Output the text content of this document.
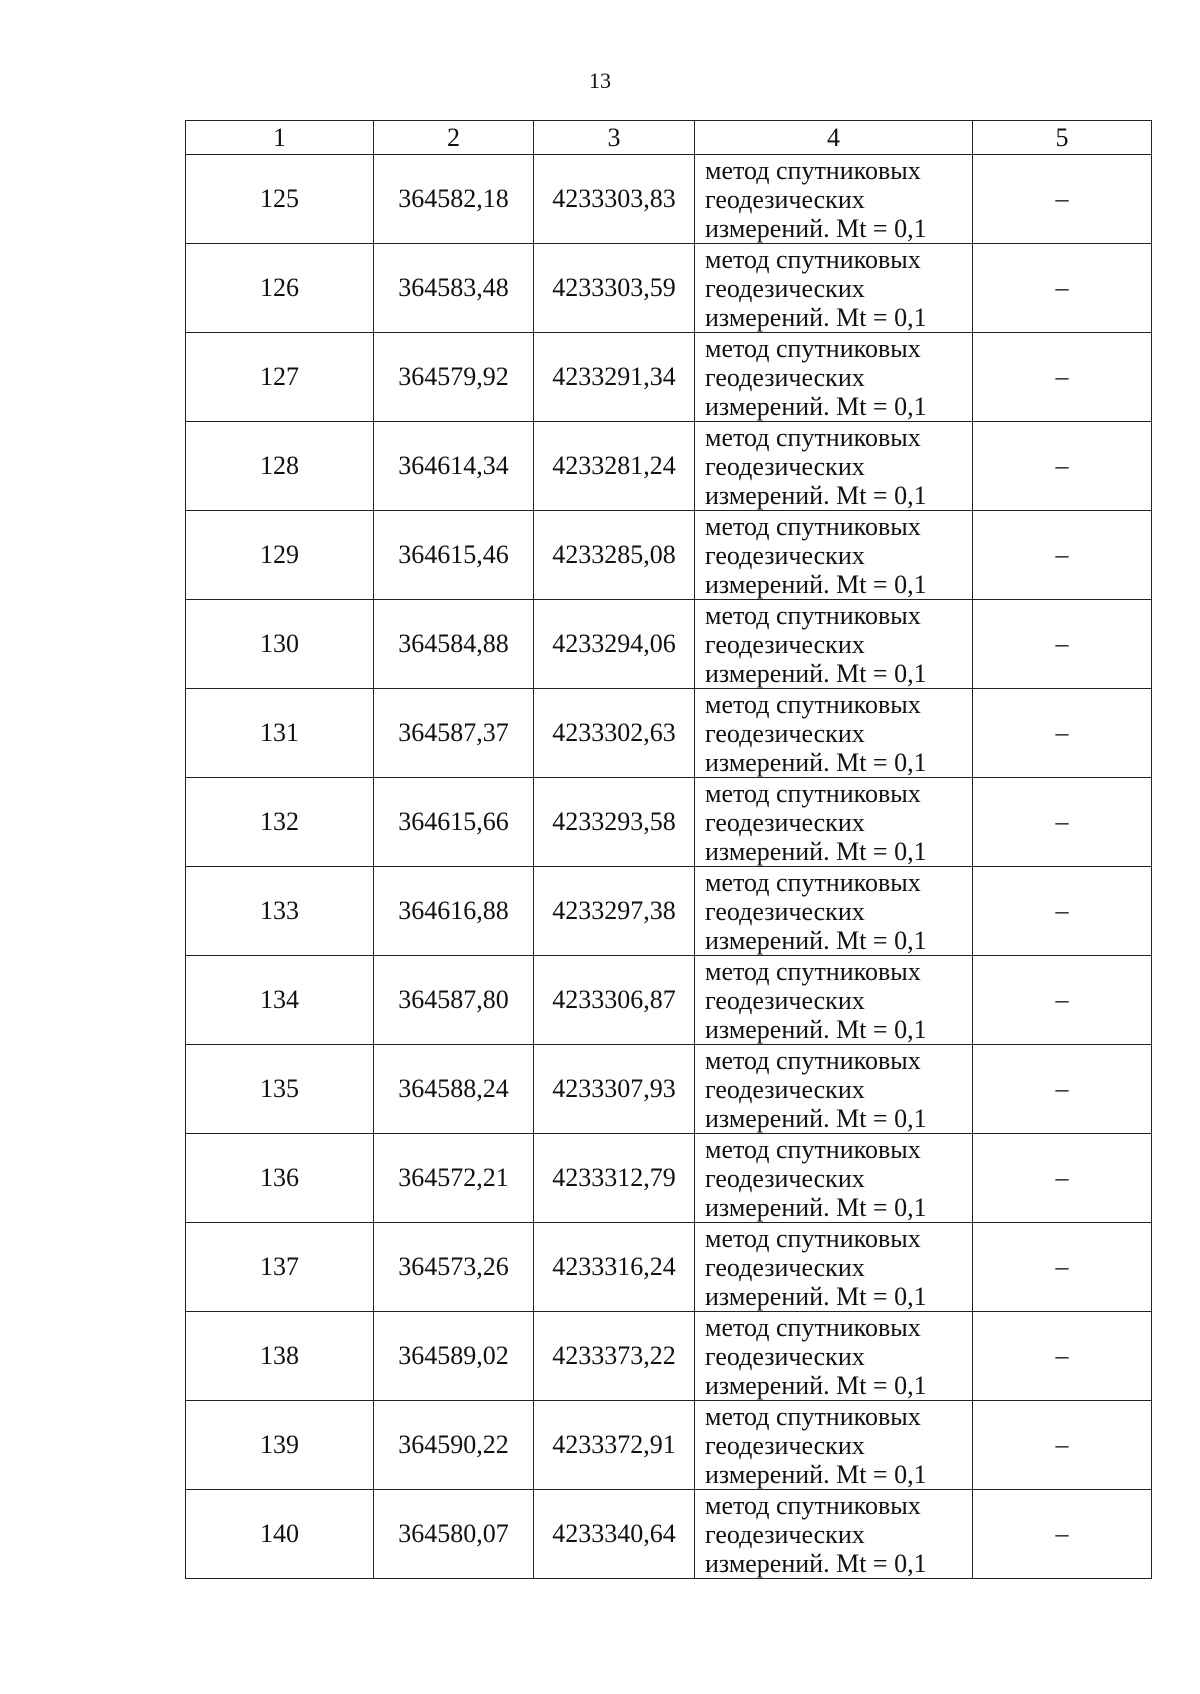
13
1	2	3	4	5
125	364582,18	4233303,83	метод спутниковых
геодезических
измерений. Mt = 0,1	–
126	364583,48	4233303,59	метод спутниковых
геодезических
измерений. Mt = 0,1	–
127	364579,92	4233291,34	метод спутниковых
геодезических
измерений. Mt = 0,1	–
128	364614,34	4233281,24	метод спутниковых
геодезических
измерений. Mt = 0,1	–
129	364615,46	4233285,08	метод спутниковых
геодезических
измерений. Mt = 0,1	–
130	364584,88	4233294,06	метод спутниковых
геодезических
измерений. Mt = 0,1	–
131	364587,37	4233302,63	метод спутниковых
геодезических
измерений. Mt = 0,1	–
132	364615,66	4233293,58	метод спутниковых
геодезических
измерений. Mt = 0,1	–
133	364616,88	4233297,38	метод спутниковых
геодезических
измерений. Mt = 0,1	–
134	364587,80	4233306,87	метод спутниковых
геодезических
измерений. Mt = 0,1	–
135	364588,24	4233307,93	метод спутниковых
геодезических
измерений. Mt = 0,1	–
136	364572,21	4233312,79	метод спутниковых
геодезических
измерений. Mt = 0,1	–
137	364573,26	4233316,24	метод спутниковых
геодезических
измерений. Mt = 0,1	–
138	364589,02	4233373,22	метод спутниковых
геодезических
измерений. Mt = 0,1	–
139	364590,22	4233372,91	метод спутниковых
геодезических
измерений. Mt = 0,1	–
140	364580,07	4233340,64	метод спутниковых
геодезических
измерений. Mt = 0,1	–
